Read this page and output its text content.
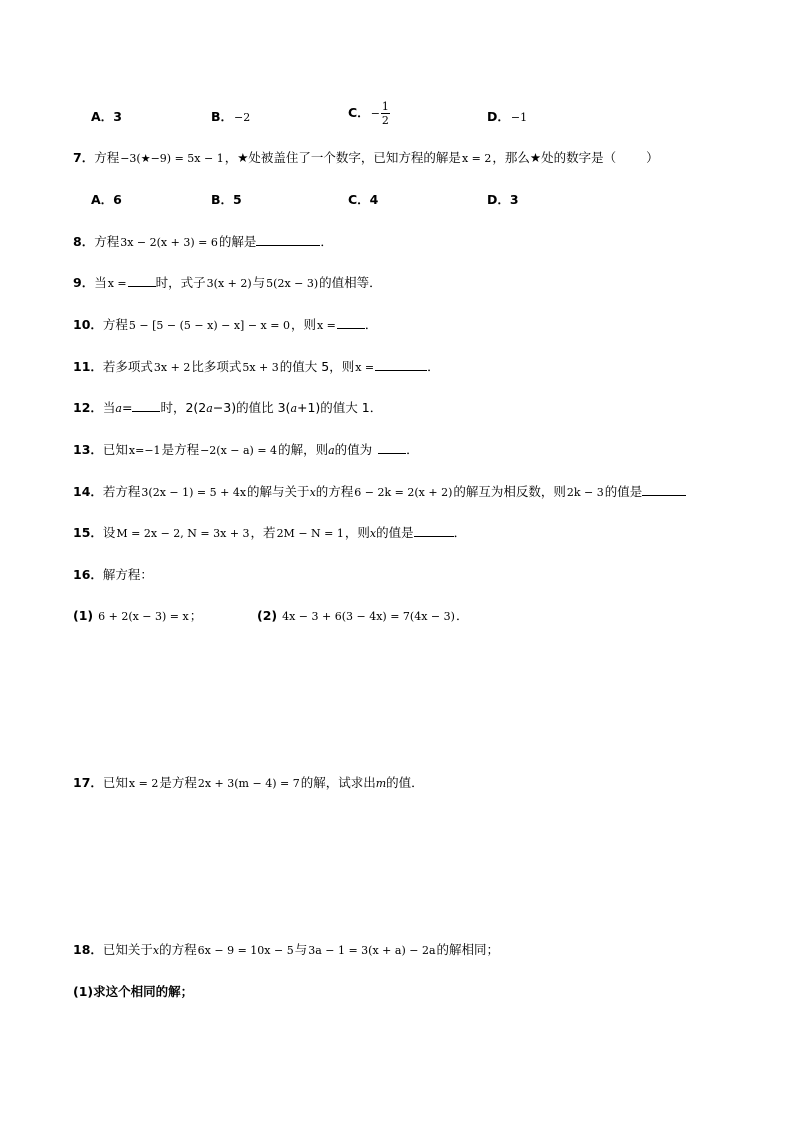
A．3	B．−2	C．− $\frac{1}{2}$	D．−1
7．方程−3(★−9) = 5x − 1，★处被盖住了一个数字，已知方程的解是x = 2，那么★处的数字是（ ）
A．6	B．5	C．4	D．3
8．方程3x − 2(x + 3) = 6的解是	．
9．当x = 时，式子3(x + 2)与5(2x − 3)的值相等．
10．方程5 − [5 − (5 − x) − x] − x = 0，则x = ．
11．若多项式3x + 2比多项式5x + 3的值大 5，则x =	．
12．当a= 时，2(2a−3)的值比 3(a+1)的值大 1．
13．已知x=−1是方程−2(x − a) = 4的解，则a的值为	．
14．若方程3(2x − 1) = 5 + 4x的解与关于x的方程6 − 2k = 2(x + 2)的解互为相反数，则2k − 3的值是
15．设M = 2x − 2, N = 3x + 3，若2M − N = 1，则x的值是	．
16．解方程：
(1) 6 + 2(x − 3) = x；	(2) 4x − 3 + 6(3 − 4x) = 7(4x − 3)．
17．已知x = 2是方程2x + 3(m − 4) = 7的解，试求出m的值．
18．已知关于x的方程6x − 9 = 10x − 5与3a − 1 = 3(x + a) − 2a的解相同；
(1)求这个相同的解；
